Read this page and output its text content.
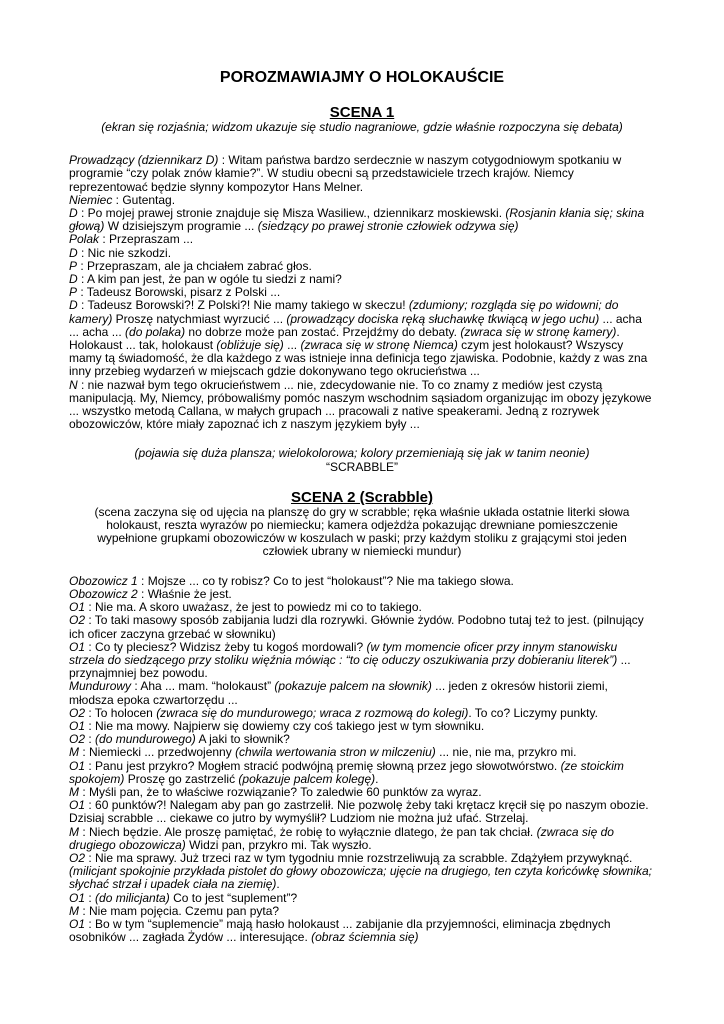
POROZMAWIAJMY O HOLOKAUŚCIE
SCENA 1

(ekran się rozjaśnia; widzom ukazuje się studio nagraniowe, gdzie właśnie rozpoczyna się debata)

Prowadzący (dziennikarz D) : Witam państwa bardzo serdecznie w naszym cotygodniowym spotkaniu w programie “czy polak znów kłamie?”. W studiu obecni są przedstawiciele trzech krajów. Niemcy reprezentować będzie słynny kompozytor Hans Melner.

Niemiec : Gutentag.

D : Po mojej prawej stronie znajduje się Misza Wasiliew., dziennikarz moskiewski. (Rosjanin kłania się; skina głową) W dzisiejszym programie ... (siedzący po prawej stronie człowiek odzywa się)

Polak : Przepraszam ...

D : Nic nie szkodzi.

P : Przepraszam, ale ja chciałem zabrać głos.

D : A kim pan jest, że pan w ogóle tu siedzi z nami?

P : Tadeusz Borowski, pisarz z Polski ...

D : Tadeusz Borowski?! Z Polski?! Nie mamy takiego w skeczu! (zdumiony; rozgląda się po widowni; do kamery) Proszę natychmiast wyrzucić ... (prowadzący dociska ręką słuchawkę tkwiącą w jego uchu) ... acha ... acha ... (do polaka) no dobrze może pan zostać. Przejdźmy do debaty. (zwraca się w stronę kamery). Holokaust ... tak, holokaust (obliżuje się) ... (zwraca się w stronę Niemca) czym jest holokaust? Wszyscy mamy tą świadomość, że dla każdego z was istnieje inna definicja tego zjawiska. Podobnie, każdy z was zna inny przebieg wydarzeń w miejscach gdzie dokonywano tego okrucieństwa ...

N : nie nazwał bym tego okrucieństwem ... nie, zdecydowanie nie. To co znamy z mediów jest czystą manipulacją. My, Niemcy, próbowaliśmy pomóc naszym wschodnim sąsiadom organizując im obozy językowe ... wszystko metodą Callana, w małych grupach ... pracowali z native speakerami. Jedną z rozrywek obozowiczów, które miały zapoznać ich z naszym językiem były ...

(pojawia się duża plansza; wielokolorowa; kolory przemieniają się jak w tanim neonie)

“SCRABBLE”

SCENA 2 (Scrabble)

(scena zaczyna się od ujęcia na planszę do gry w scrabble; ręka właśnie układa ostatnie literki słowa holokaust, reszta wyrazów po niemiecku; kamera odjeżdża pokazując drewniane pomieszczenie wypełnione grupkami obozowiczów w koszulach w paski; przy każdym stoliku z grającymi stoi jeden człowiek ubrany w niemiecki mundur)

Obozowicz 1 : Mojsze ... co ty robisz? Co to jest “holokaust”? Nie ma takiego słowa.

Obozowicz 2 : Właśnie że jest.

O1 : Nie ma. A skoro uważasz, że jest to powiedz mi co to takiego.

O2 : To taki masowy sposób zabijania ludzi dla rozrywki. Głównie żydów. Podobno tutaj też to jest. (pilnujący ich oficer zaczyna grzebać w słowniku)

O1 : Co ty pleciesz? Widzisz żeby tu kogoś mordowali? (w tym momencie oficer przy innym stanowisku strzela do siedzącego przy stoliku więźnia mówiąc : “to cię oduczy oszukiwania przy dobieraniu literek”) ... przynajmniej bez powodu.

Mundurowy : Aha ... mam. “holokaust” (pokazuje palcem na słownik) ... jeden z okresów historii ziemi, młodsza epoka czwartorzędu ...

O2 : To holocen (zwraca się do mundurowego; wraca z rozmową do kolegi). To co? Liczymy punkty.

O1 : Nie ma mowy. Najpierw się dowiemy czy coś takiego jest w tym słowniku.

O2 : (do mundurowego) A jaki to słownik?

M : Niemiecki ... przedwojenny (chwila wertowania stron w milczeniu) ... nie, nie ma, przykro mi.

O1 : Panu jest przykro? Mogłem stracić podwójną premię słowną przez jego słowotwórstwo. (ze stoickim spokojem) Proszę go zastrzelić (pokazuje palcem kolegę).

M : Myśli pan, że to właściwe rozwiązanie? To zaledwie 60 punktów za wyraz.

O1 : 60 punktów?! Nalegam aby pan go zastrzelił. Nie pozwolę żeby taki krętacz kręcił się po naszym obozie. Dzisiaj scrabble ... ciekawe co jutro by wymyślił? Ludziom nie można już ufać. Strzelaj.

M : Niech będzie. Ale proszę pamiętać, że robię to wyłącznie dlatego, że pan tak chciał. (zwraca się do drugiego obozowicza) Widzi pan, przykro mi. Tak wyszło.

O2 : Nie ma sprawy. Już trzeci raz w tym tygodniu mnie rozstrzeliwują za scrabble. Zdążyłem przywyknąć. (milicjant spokojnie przykłada pistolet do głowy obozowicza; ujęcie na drugiego, ten czyta końcówkę słownika; słychać strzał i upadek ciała na ziemię).

O1 : (do milicjanta) Co to jest “suplement”?

M : Nie mam pojęcia. Czemu pan pyta?

O1 : Bo w tym “suplemencie” mają hasło holokaust ... zabijanie dla przyjemności, eliminacja zbędnych osobników ... zagłada Żydów ... interesujące. (obraz ściemnia się)
